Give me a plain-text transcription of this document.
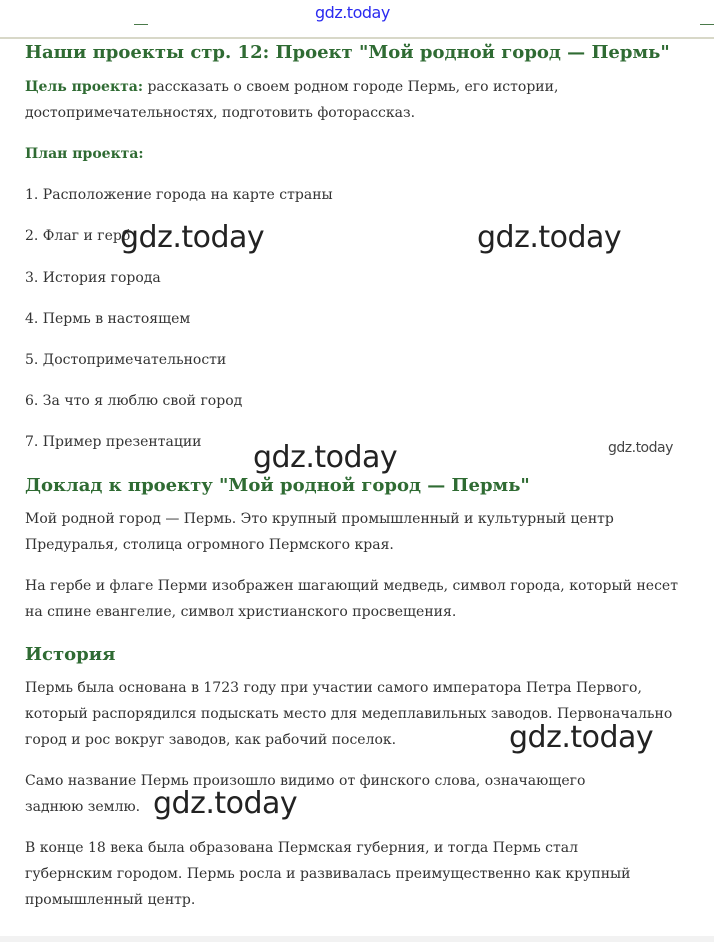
gdz.today
Наши проекты стр. 12: Проект "Мой родной город — Пермь"
Цель проекта: рассказать о своем родном городе Пермь, его истории, достопримечательностях, подготовить фоторассказ.
План проекта:
1. Расположение города на карте страны
2. Флаг и герб
3. История города
4. Пермь в настоящем
5. Достопримечательности
6. За что я люблю свой город
7. Пример презентации
Доклад к проекту "Мой родной город — Пермь"
Мой родной город — Пермь. Это крупный промышленный и культурный центр Предуралья, столица огромного Пермского края.
На гербе и флаге Перми изображен шагающий медведь, символ города, который несет на спине евангелие, символ христианского просвещения.
История
Пермь была основана в 1723 году при участии самого императора Петра Первого, который распорядился подыскать место для медеплавильных заводов. Первоначально город и рос вокруг заводов, как рабочий поселок.
Само название Пермь произошло видимо от финского слова, означающего заднюю землю.
В конце 18 века была образована Пермская губерния, и тогда Пермь стал губернским городом. Пермь росла и развивалась преимущественно как крупный промышленный центр.
gdz.today	gdz.today
gdz.today
gdz.today
gdz.today
gdz.today
